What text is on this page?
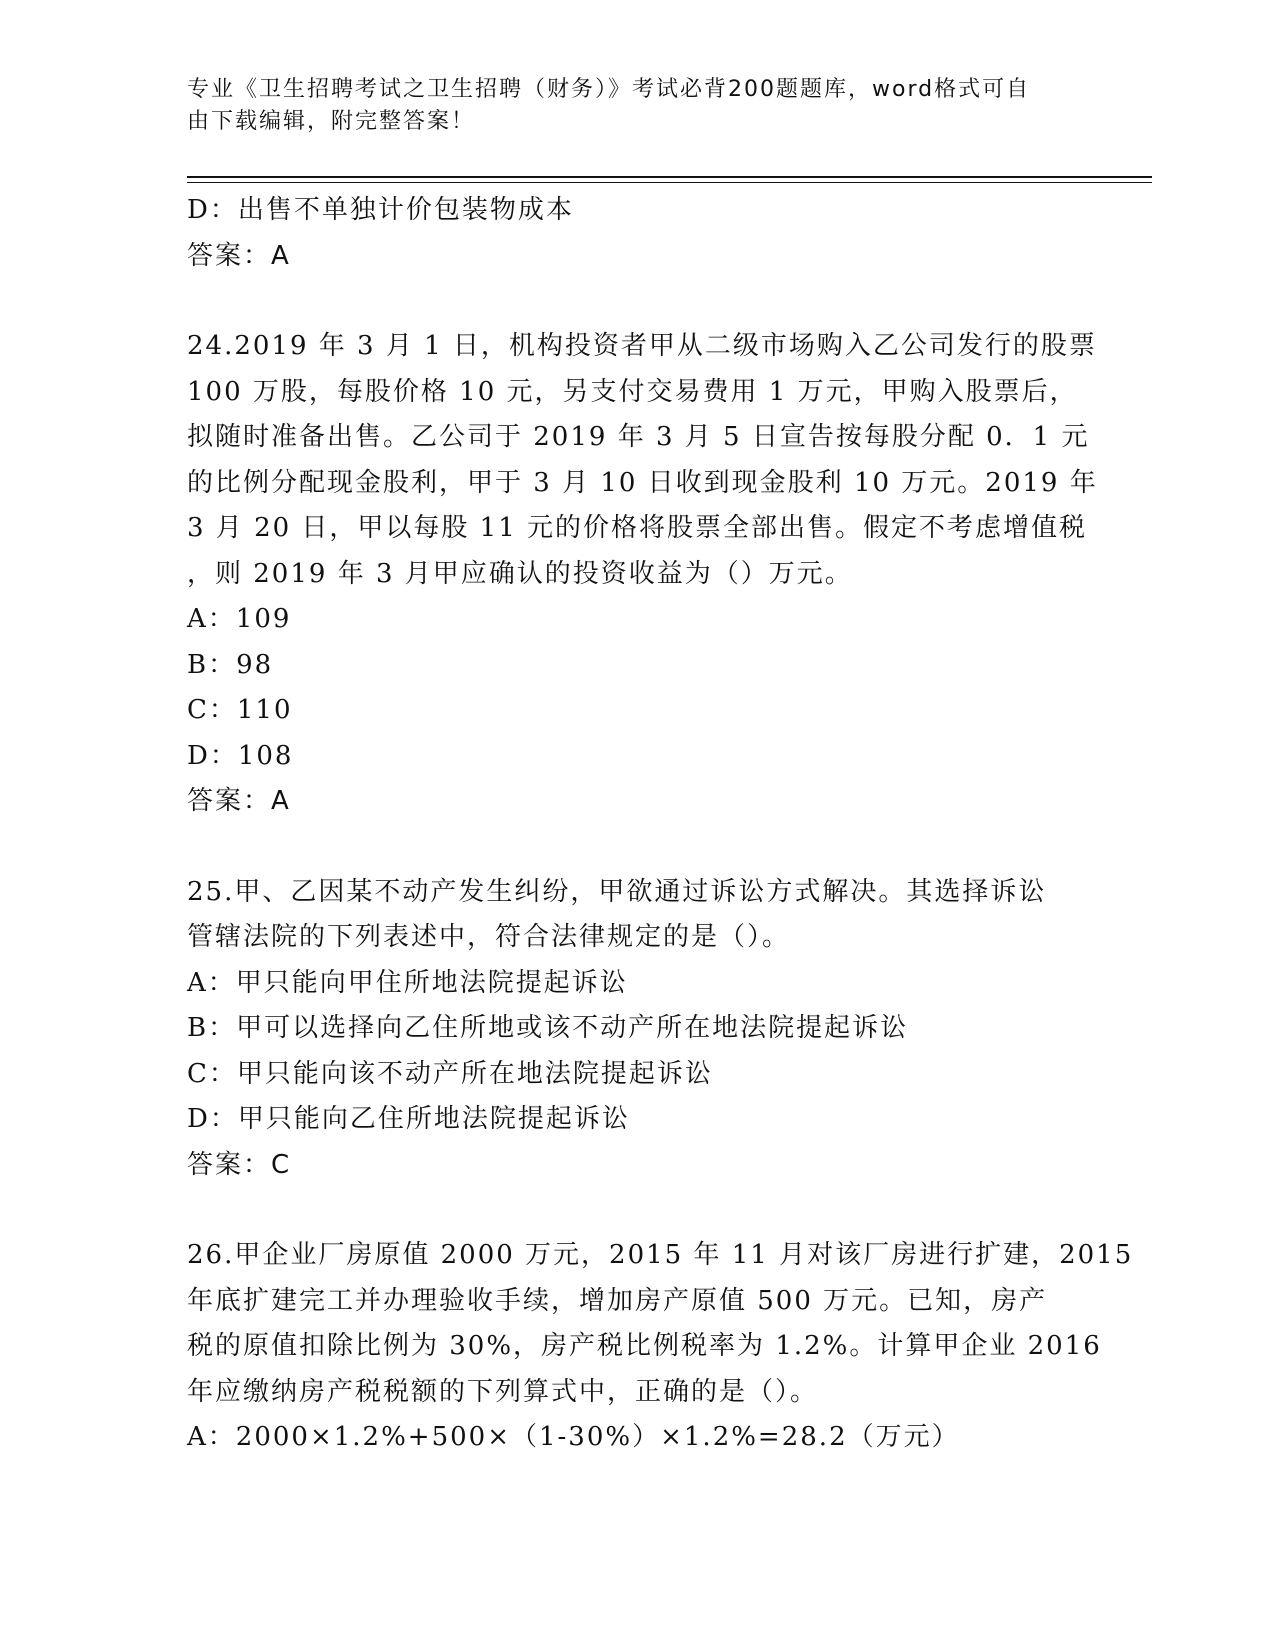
专业《卫生招聘考试之卫生招聘（财务）》考试必背200题题库，word格式可自
由下载编辑，附完整答案！
D：出售不单独计价包装物成本
答案：A
24.2019 年 3 月 1 日，机构投资者甲从二级市场购入乙公司发行的股票
100 万股，每股价格 10 元，另支付交易费用 1 万元，甲购入股票后，
拟随时准备出售。乙公司于 2019 年 3 月 5 日宣告按每股分配 0．1 元
的比例分配现金股利，甲于 3 月 10 日收到现金股利 10 万元。2019 年
3 月 20 日，甲以每股 11 元的价格将股票全部出售。假定不考虑增值税
，则 2019 年 3 月甲应确认的投资收益为（）万元。
A：109
B：98
C：110
D：108
答案：A
25.甲、乙因某不动产发生纠纷，甲欲通过诉讼方式解决。其选择诉讼
管辖法院的下列表述中，符合法律规定的是（）。
A：甲只能向甲住所地法院提起诉讼
B：甲可以选择向乙住所地或该不动产所在地法院提起诉讼
C：甲只能向该不动产所在地法院提起诉讼
D：甲只能向乙住所地法院提起诉讼
答案：C
26.甲企业厂房原值 2000 万元，2015 年 11 月对该厂房进行扩建，2015
年底扩建完工并办理验收手续，增加房产原值 500 万元。已知，房产
税的原值扣除比例为 30%，房产税比例税率为 1.2%。计算甲企业 2016
年应缴纳房产税税额的下列算式中，正确的是（）。
A：2000×1.2%+500×（1-30%）×1.2%=28.2（万元）
